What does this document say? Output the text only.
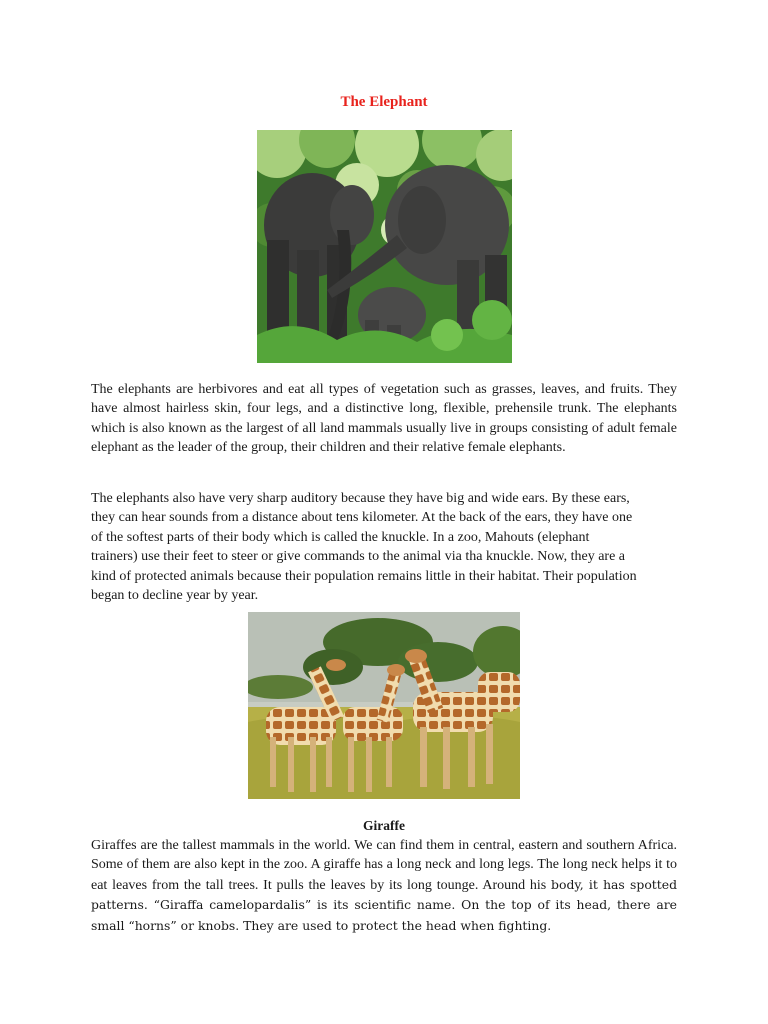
The Elephant

The elephants are herbivores and eat all types of vegetation such as grasses, leaves, and fruits. They have almost hairless skin, four legs, and a distinctive long, flexible, prehensile trunk. The elephants which is also known as the largest of all land mammals usually live in groups consisting of adult female elephant as the leader of the group, their children and their relative female elephants.

The elephants also have very sharp auditory because they have big and wide ears. By these ears,
they can hear sounds from a distance about tens kilometer. At the back of the ears, they have one
of the softest parts of their body which is called the knuckle. In a zoo, Mahouts (elephant
trainers) use their feet to steer or give commands to the animal via tha knuckle. Now, they are a
kind of protected animals because their population remains little in their habitat. Their population
began to decline year by year.
Giraffe

Giraffes are the tallest mammals in the world. We can find them in central, eastern and southern Africa. Some of them are also kept in the zoo. A giraffe has a long neck and long legs. The long neck helps it to eat leaves from the tall trees. It pulls the leaves by its long tounge. Around his body, it has spotted patterns. “Giraffa camelopardalis” is its scientific name. On the top of its head, there are small “horns” or knobs. They are used to protect the head when fighting.
